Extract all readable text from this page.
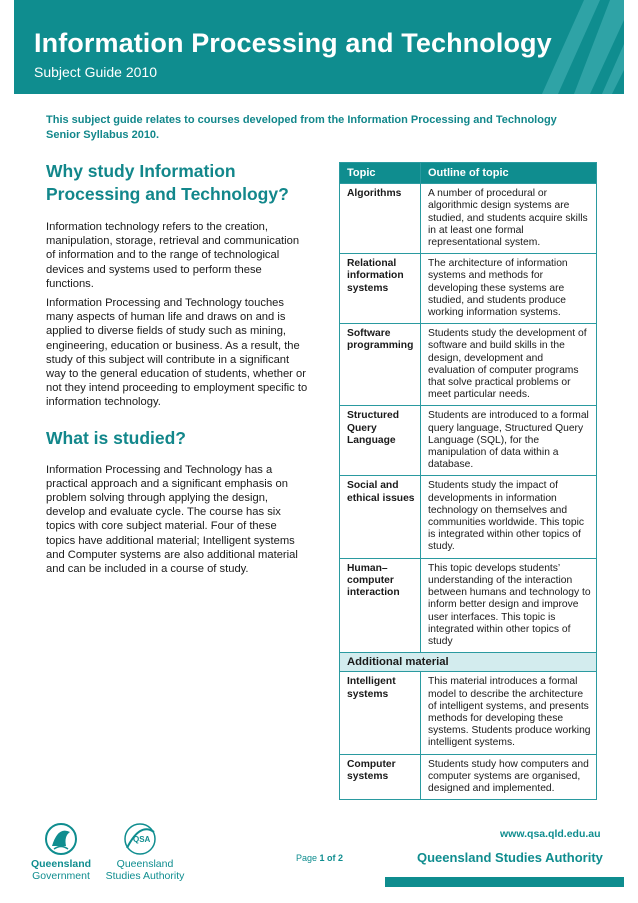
Information Processing and Technology
Subject Guide 2010
This subject guide relates to courses developed from the Information Processing and Technology Senior Syllabus 2010.
Why study Information Processing and Technology?

Information technology refers to the creation, manipulation, storage, retrieval and communication of information and to the range of technological devices and systems used to perform these functions.

Information Processing and Technology touches many aspects of human life and draws on and is applied to diverse fields of study such as mining, engineering, education or business. As a result, the study of this subject will contribute in a significant way to the general education of students, whether or not they intend proceeding to employment specific to information technology.

What is studied?

Information Processing and Technology has a practical approach and a significant emphasis on problem solving through applying the design, develop and evaluate cycle. The course has six topics with core subject material. Four of these topics have additional material; Intelligent systems and Computer systems are also additional material and can be included in a course of study.

Topic	Outline of topic
Algorithms	A number of procedural or algorithmic design systems are studied, and students acquire skills in at least one formal representational system.
Relational information systems	The architecture of information systems and methods for developing these systems are studied, and students produce working information systems.
Software programming	Students study the development of software and build skills in the design, development and evaluation of computer programs that solve practical problems or meet particular needs.
Structured Query Language	Students are introduced to a formal query language, Structured Query Language (SQL), for the manipulation of data within a database.
Social and ethical issues	Students study the impact of developments in information technology on themselves and communities worldwide. This topic is integrated within other topics of study.
Human–computer interaction	This topic develops students’ understanding of the interaction between humans and technology to inform better design and improve user interfaces. This topic is integrated within other topics of study
Additional material	
Intelligent systems	This material introduces a formal model to describe the architecture of intelligent systems, and presents methods for developing these systems. Students produce working intelligent systems.
Computer systems	Students study how computers and computer systems are organised, designed and implemented.
QSA
Queensland
Government
Queensland
Studies Authority
Page 1 of 2
www.qsa.qld.edu.au
Queensland Studies Authority
